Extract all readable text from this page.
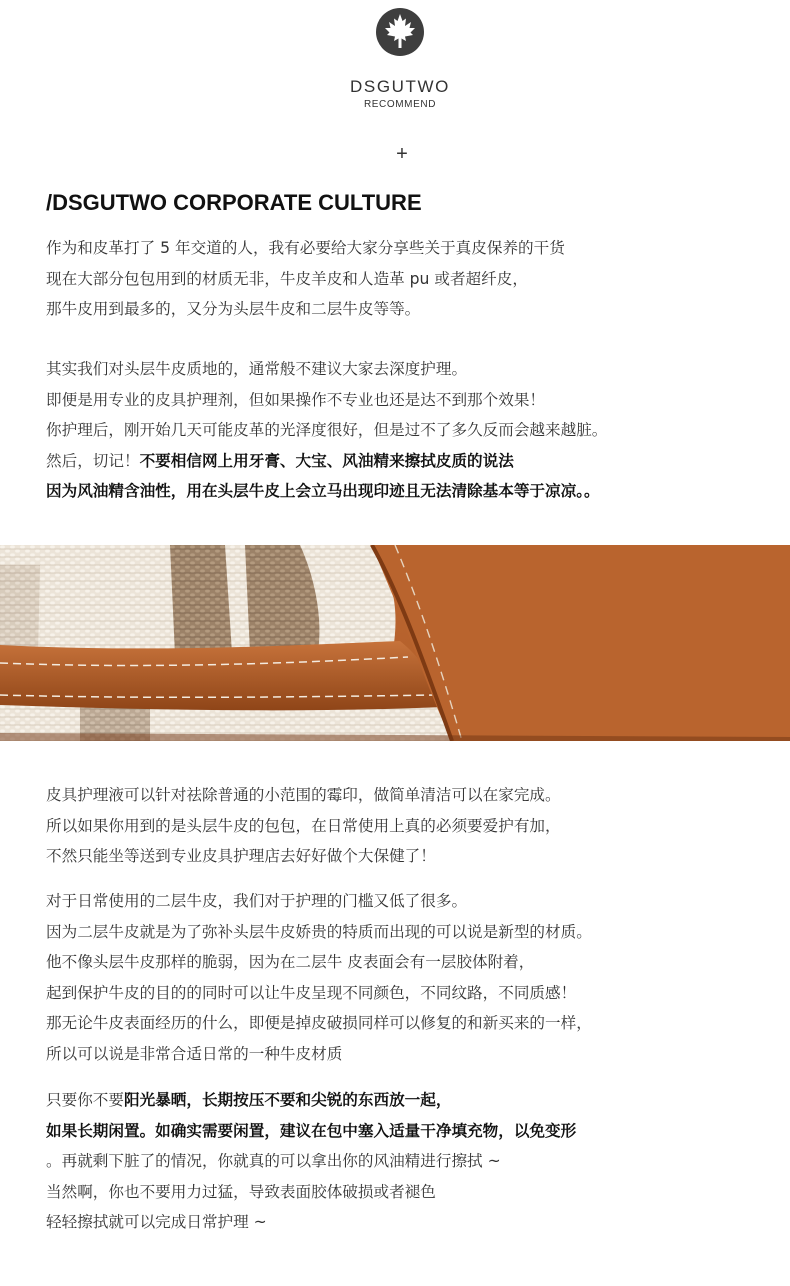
DSGUTWO
RECOMMEND
+
/DSGUTWO CORPORATE CULTURE
作为和皮革打了 5 年交道的人，我有必要给大家分享些关于真皮保养的干货
现在大部分包包用到的材质无非，牛皮羊皮和人造革 pu 或者超纤皮，
那牛皮用到最多的，又分为头层牛皮和二层牛皮等等。
其实我们对头层牛皮质地的，通常般不建议大家去深度护理。
即便是用专业的皮具护理剂，但如果操作不专业也还是达不到那个效果！
你护理后，刚开始几天可能皮革的光泽度很好，但是过不了多久反而会越来越脏。
然后，切记！不要相信网上用牙膏、大宝、风油精来擦拭皮质的说法
因为风油精含油性，用在头层牛皮上会立马出现印迹且无法清除基本等于凉凉。。
皮具护理液可以针对祛除普通的小范围的霉印，做简单清洁可以在家完成。
所以如果你用到的是头层牛皮的包包，在日常使用上真的必须要爱护有加，
不然只能坐等送到专业皮具护理店去好好做个大保健了！
对于日常使用的二层牛皮，我们对于护理的门槛又低了很多。
因为二层牛皮就是为了弥补头层牛皮娇贵的特质而出现的可以说是新型的材质。
他不像头层牛皮那样的脆弱，因为在二层牛 皮表面会有一层胶体附着，
起到保护牛皮的目的的同时可以让牛皮呈现不同颜色，不同纹路，不同质感！
那无论牛皮表面经历的什么，即便是掉皮破损同样可以修复的和新买来的一样，
所以可以说是非常合适日常的一种牛皮材质
只要你不要阳光暴晒，长期按压不要和尖锐的东西放一起，
如果长期闲置。如确实需要闲置，建议在包中塞入适量干净填充物，以免变形
。再就剩下脏了的情况，你就真的可以拿出你的风油精进行擦拭 ~
当然啊，你也不要用力过猛，导致表面胶体破损或者褪色
轻轻擦拭就可以完成日常护理 ~
